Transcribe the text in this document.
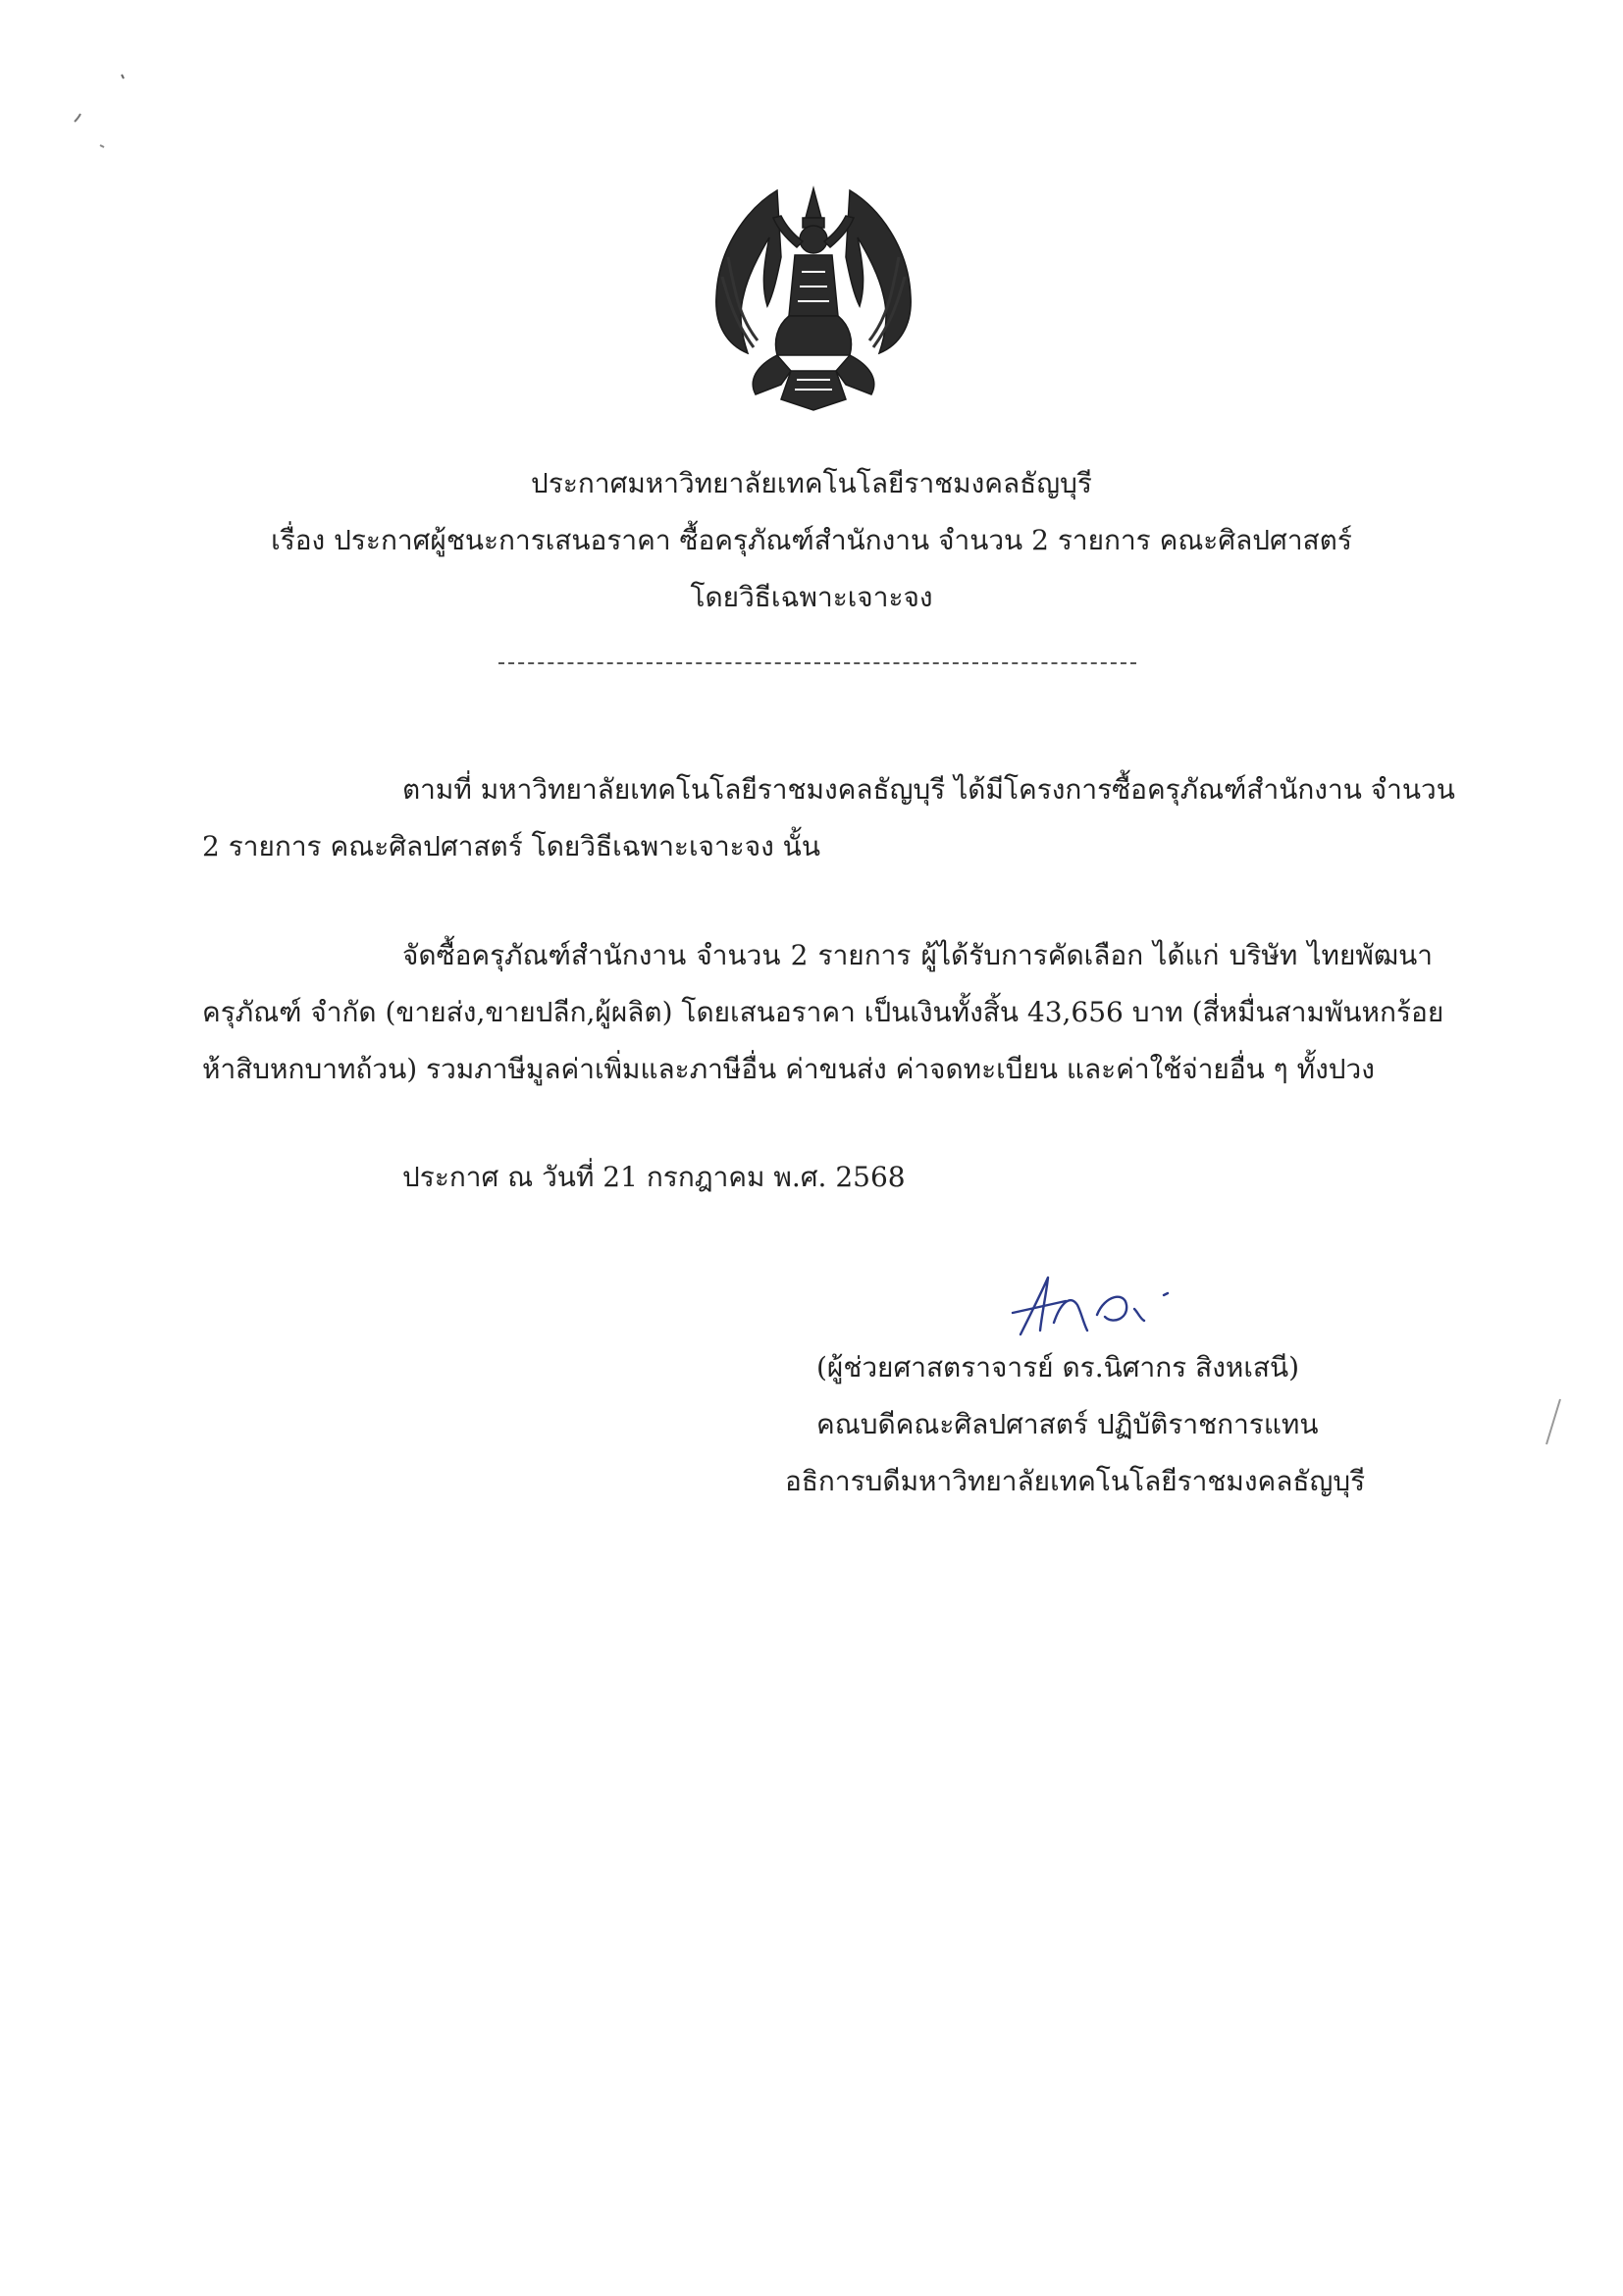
ประกาศมหาวิทยาลัยเทคโนโลยีราชมงคลธัญบุรี
เรื่อง ประกาศผู้ชนะการเสนอราคา ซื้อครุภัณฑ์สำนักงาน จำนวน 2 รายการ คณะศิลปศาสตร์
โดยวิธีเฉพาะเจาะจง
ตามที่ มหาวิทยาลัยเทคโนโลยีราชมงคลธัญบุรี ได้มีโครงการซื้อครุภัณฑ์สำนักงาน จำนวน
2 รายการ คณะศิลปศาสตร์ โดยวิธีเฉพาะเจาะจง นั้น
จัดซื้อครุภัณฑ์สำนักงาน จำนวน 2 รายการ ผู้ได้รับการคัดเลือก ได้แก่ บริษัท ไทยพัฒนา
ครุภัณฑ์ จำกัด (ขายส่ง,ขายปลีก,ผู้ผลิต) โดยเสนอราคา เป็นเงินทั้งสิ้น 43,656 บาท (สี่หมื่นสามพันหกร้อย
ห้าสิบหกบาทถ้วน) รวมภาษีมูลค่าเพิ่มและภาษีอื่น ค่าขนส่ง ค่าจดทะเบียน และค่าใช้จ่ายอื่น ๆ ทั้งปวง
ประกาศ ณ วันที่ 21 กรกฎาคม พ.ศ. 2568
(ผู้ช่วยศาสตราจารย์ ดร.นิศากร สิงหเสนี)
คณบดีคณะศิลปศาสตร์ ปฏิบัติราชการแทน
อธิการบดีมหาวิทยาลัยเทคโนโลยีราชมงคลธัญบุรี
